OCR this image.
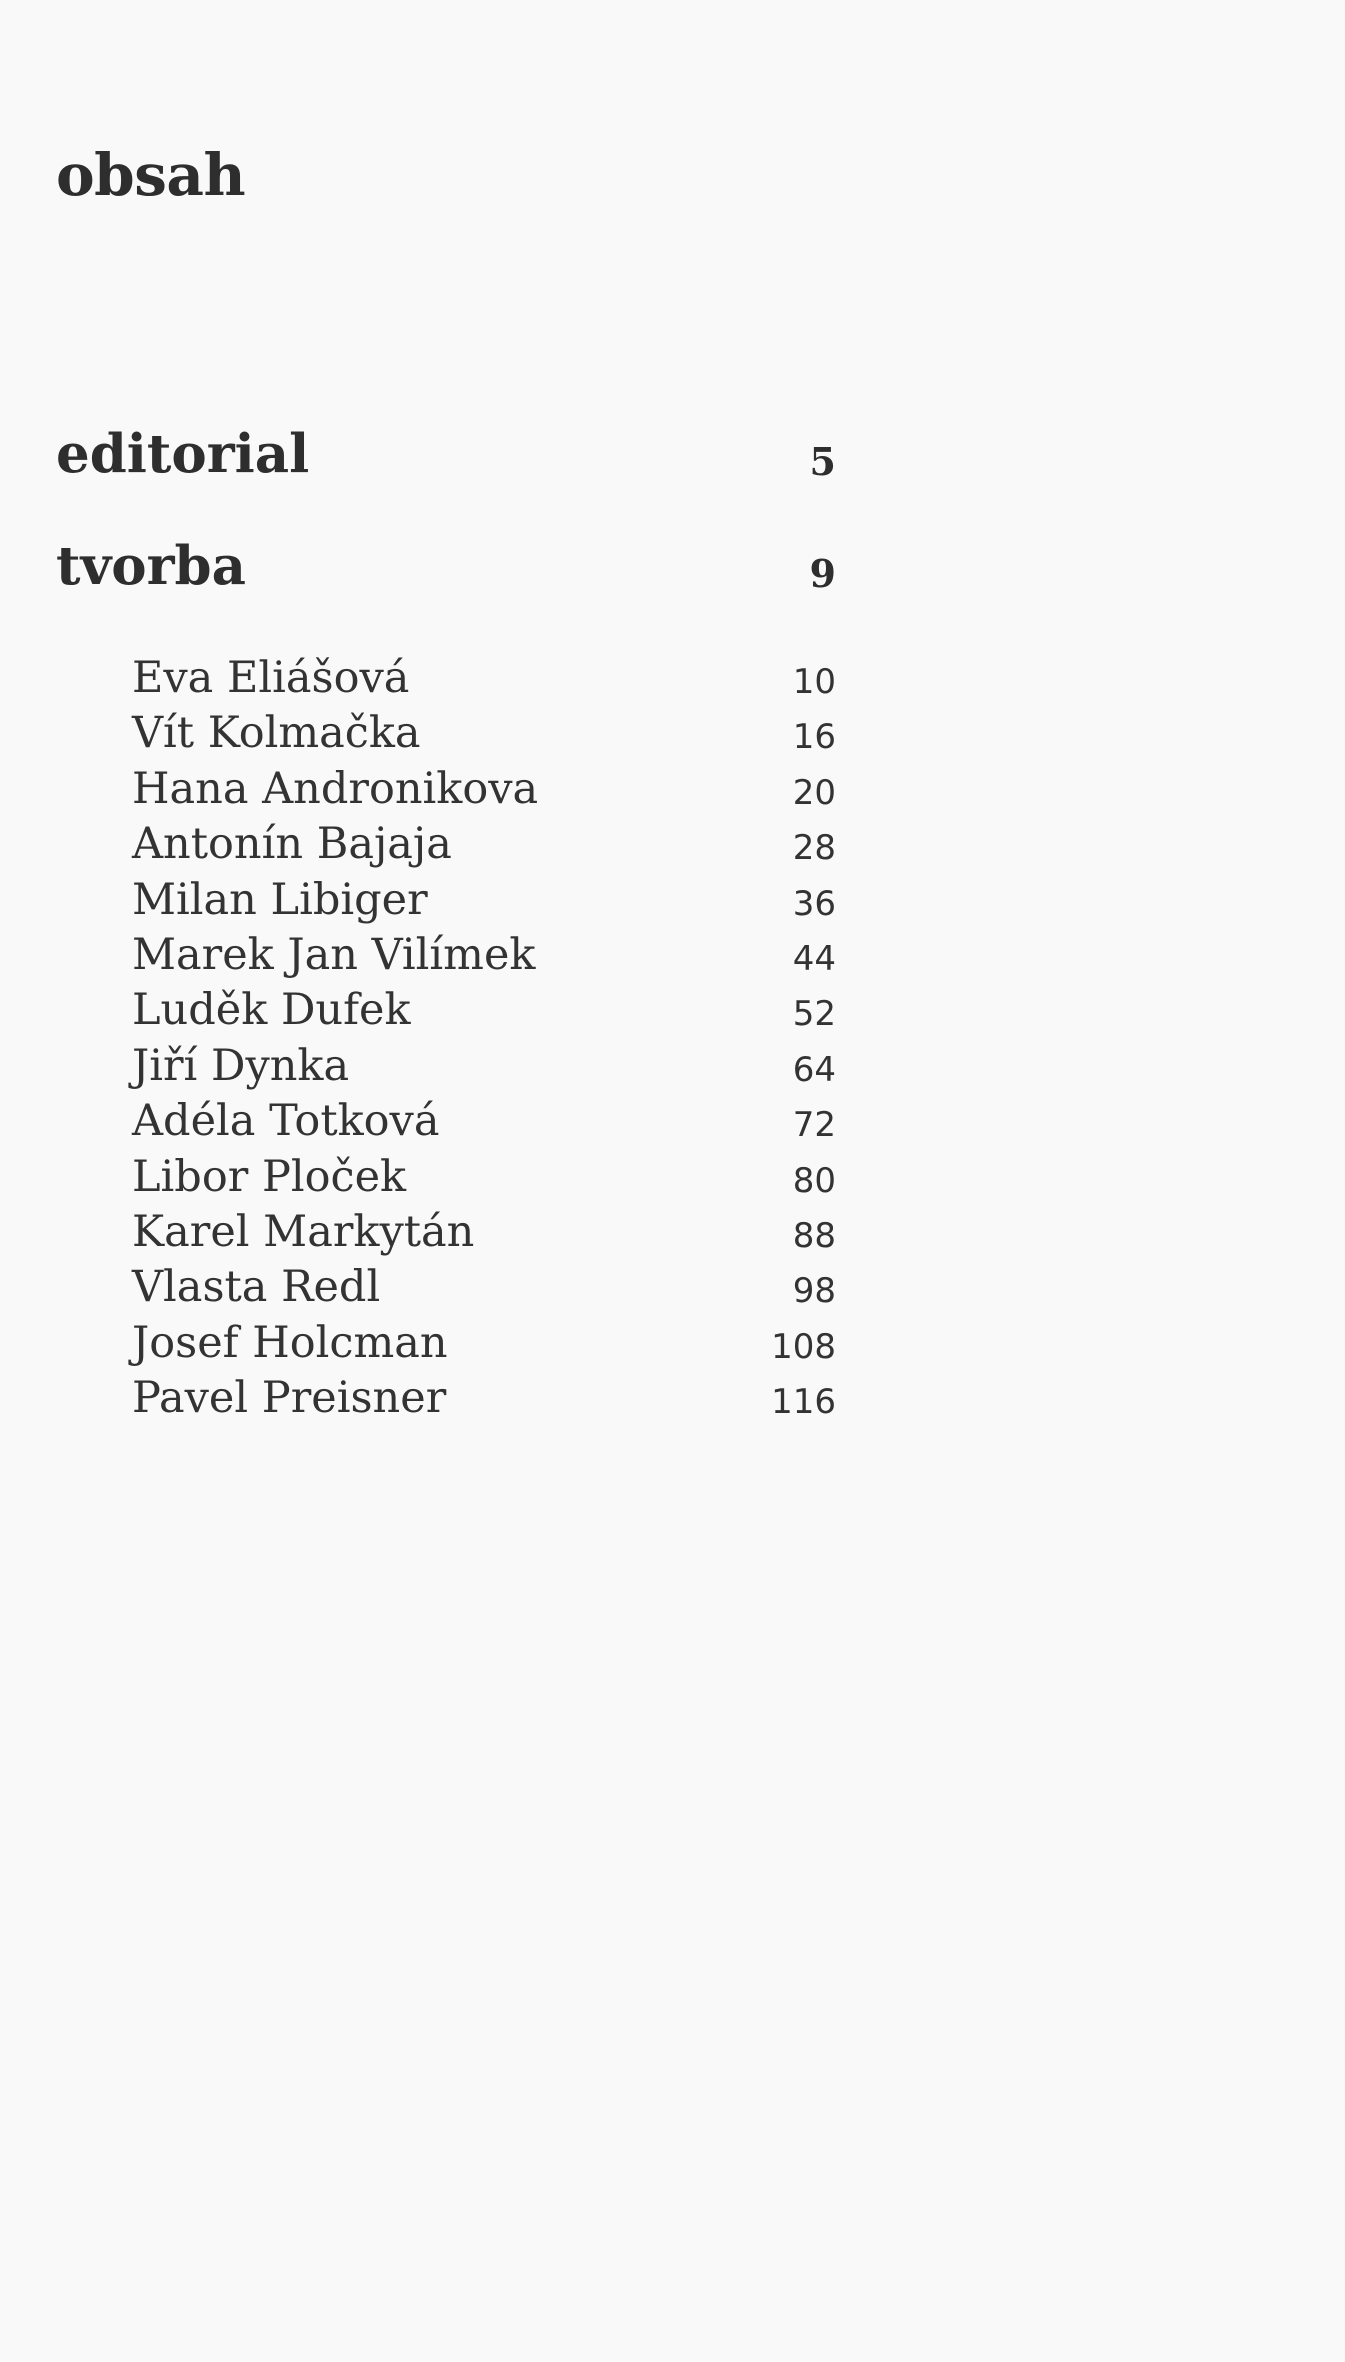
obsah
editorial	5
tvorba	9
Eva Eliášová	10
Vít Kolmačka	16
Hana Andronikova	20
Antonín Bajaja	28
Milan Libiger	36
Marek Jan Vilímek	44
Luděk Dufek	52
Jiří Dynka	64
Adéla Totková	72
Libor Ploček	80
Karel Markytán	88
Vlasta Redl	98
Josef Holcman	108
Pavel Preisner	116
